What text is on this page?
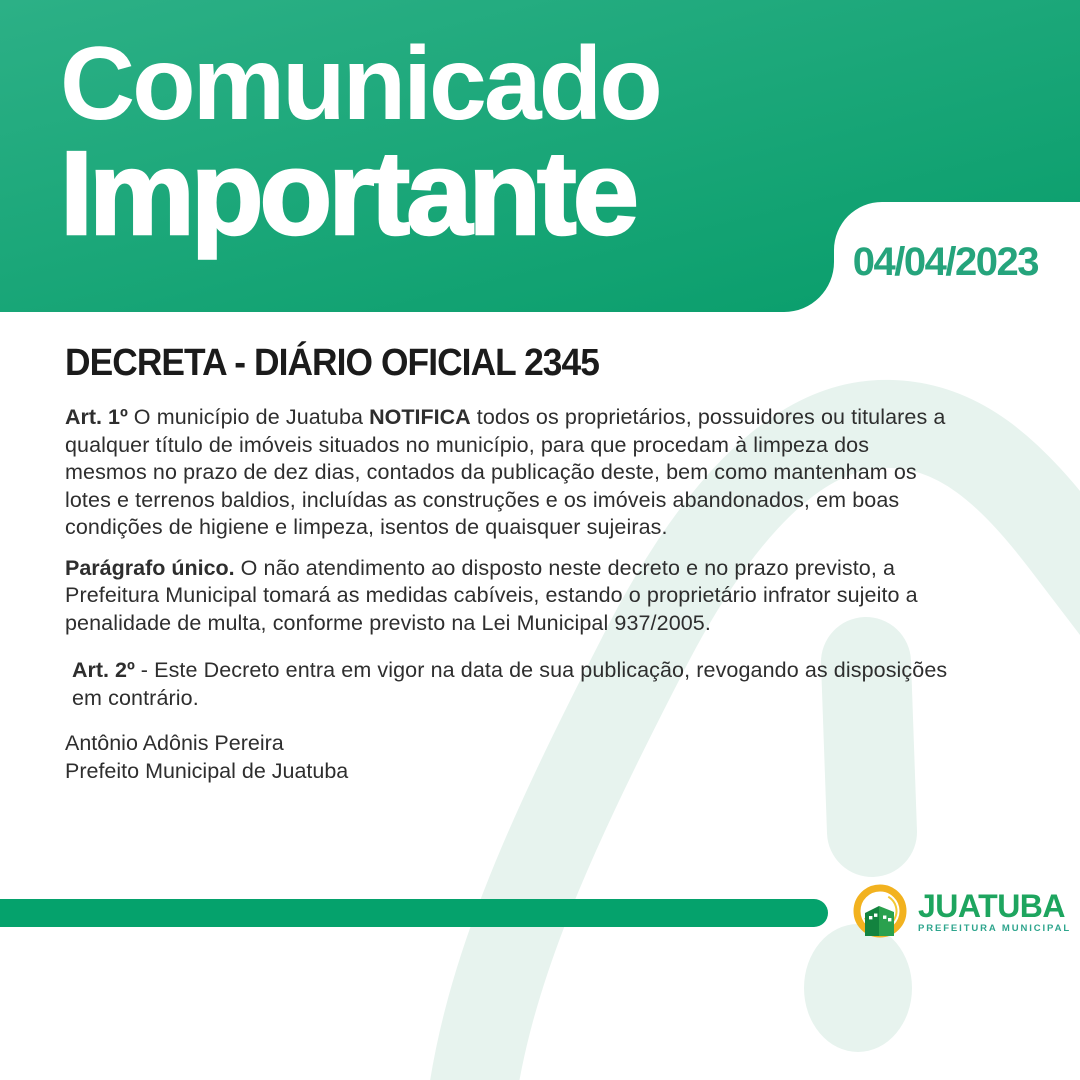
Comunicado
Importante
04/04/2023
DECRETA - DIÁRIO OFICIAL 2345

Art. 1º O município de Juatuba NOTIFICA todos os proprietários, possuidores ou titulares a qualquer título de imóveis situados no município, para que procedam à limpeza dos mesmos no prazo de dez dias, contados da publicação deste, bem como mantenham os lotes e terrenos baldios, incluídas as construções e os imóveis abandonados, em boas condições de higiene e limpeza, isentos de quaisquer sujeiras.

Parágrafo único. O não atendimento ao disposto neste decreto e no prazo previsto, a Prefeitura Municipal tomará as medidas cabíveis, estando o proprietário infrator sujeito a penalidade de multa, conforme previsto na Lei Municipal 937/2005.

Art. 2º - Este Decreto entra em vigor na data de sua publicação, revogando as disposições em contrário.

Antônio Adônis Pereira
Prefeito Municipal de Juatuba
JUATUBA
PREFEITURA MUNICIPAL
